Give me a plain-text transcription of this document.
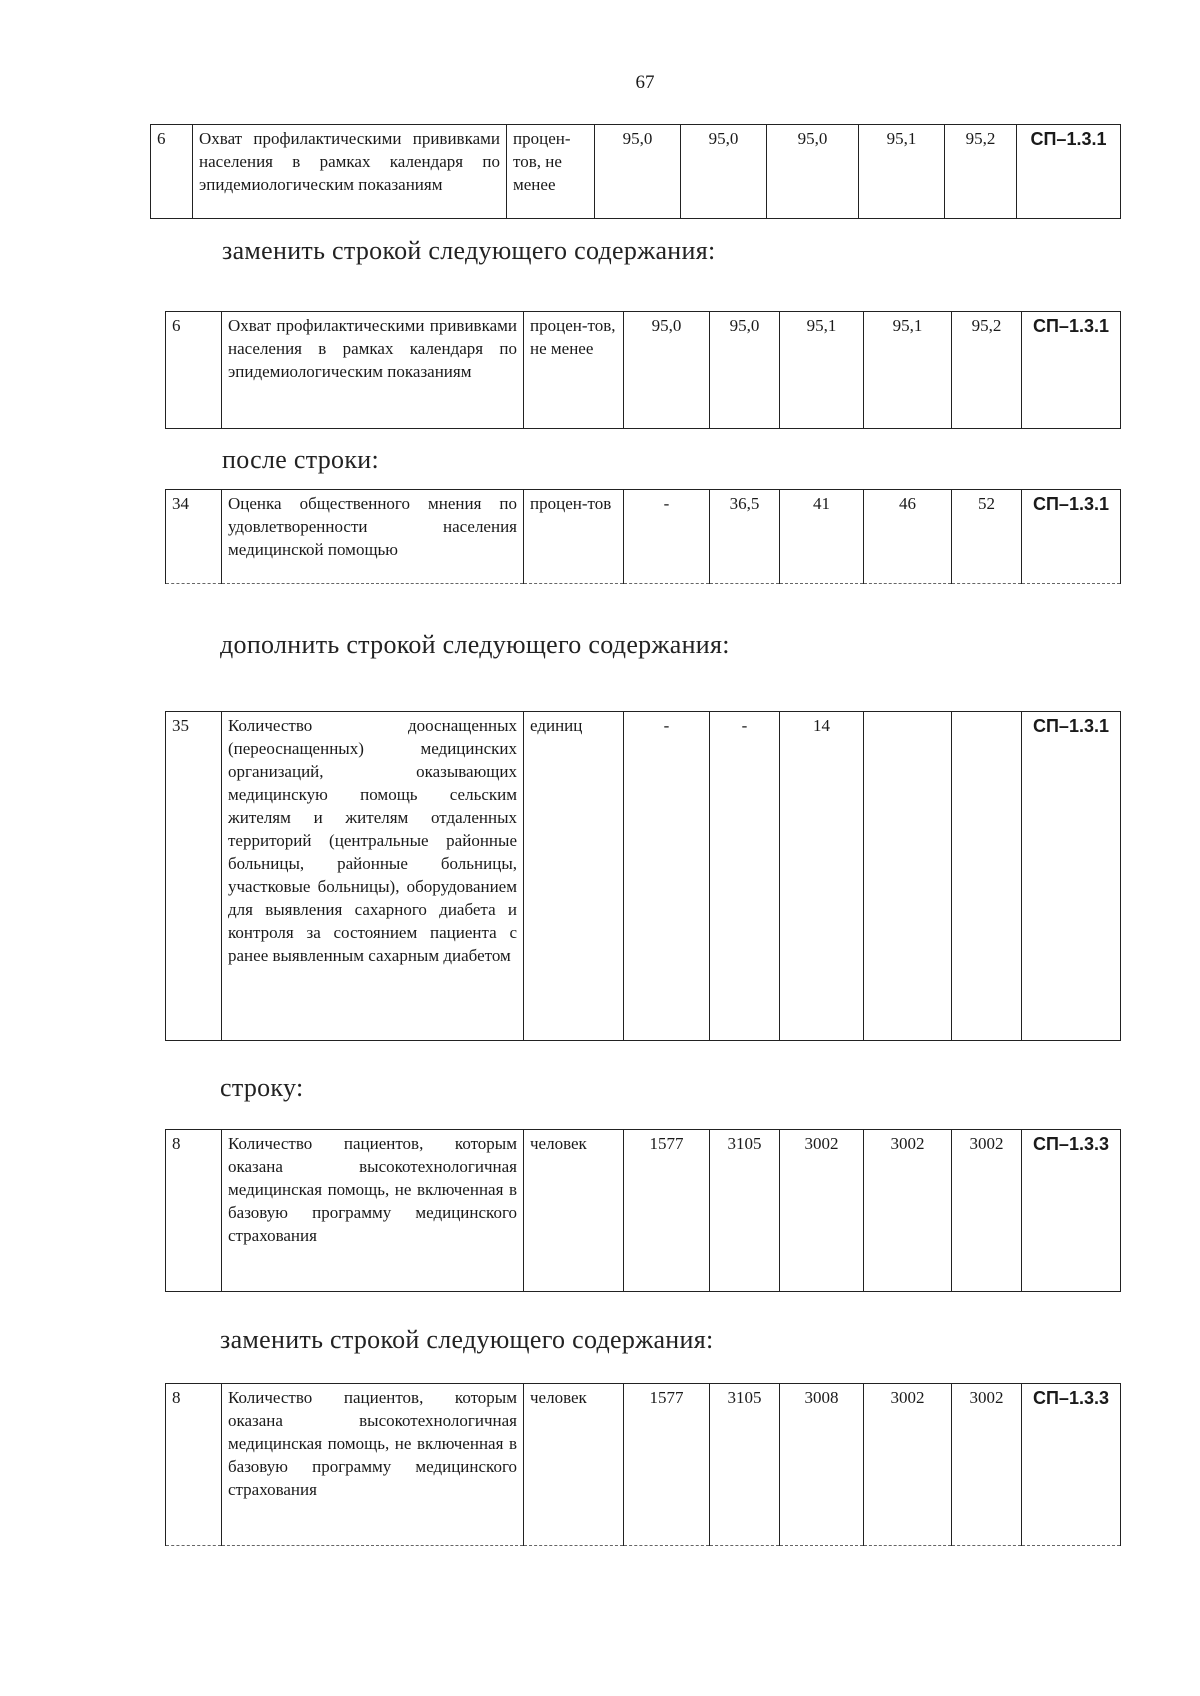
67
6	Охват профилактическими прививками населения в рамках календаря по эпидемиологическим показаниям	процен-тов, не менее	95,0	95,0	95,0	95,1	95,2	СП–1.3.1
заменить строкой следующего содержания:
6	Охват профилактическими прививками населения в рамках календаря по эпидемиологическим показаниям	процен-тов, не менее	95,0	95,0	95,1	95,1	95,2	СП–1.3.1
после строки:
34	Оценка общественного мнения по удовлетворенности населения медицинской помощью	процен-тов	-	36,5	41	46	52	СП–1.3.1
дополнить строкой следующего содержания:
35	Количество дооснащенных (переоснащенных) медицинских организаций, оказывающих медицинскую помощь сельским жителям и жителям отдаленных территорий (центральные районные больницы, районные больницы, участковые больницы), оборудованием для выявления сахарного диабета и контроля за состоянием пациента с ранее выявленным сахарным диабетом	единиц	-	-	14			СП–1.3.1
строку:
8	Количество пациентов, которым оказана высокотехнологичная медицинская помощь, не включенная в базовую программу медицинского страхования	человек	1577	3105	3002	3002	3002	СП–1.3.3
заменить строкой следующего содержания:
8	Количество пациентов, которым оказана высокотехнологичная медицинская помощь, не включенная в базовую программу медицинского страхования	человек	1577	3105	3008	3002	3002	СП–1.3.3
